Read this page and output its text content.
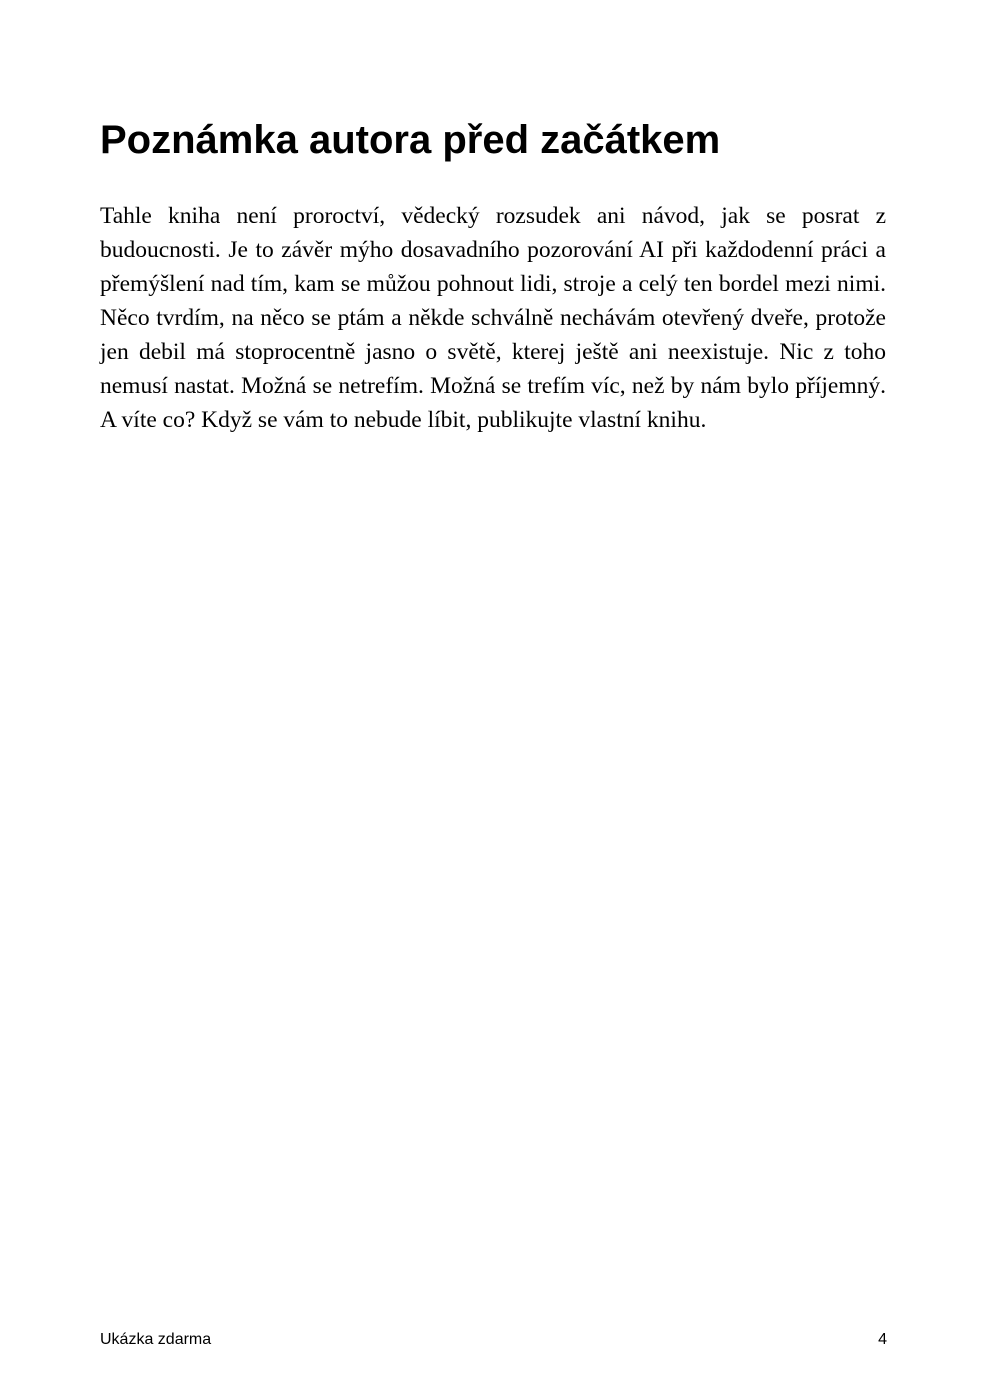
Poznámka autora před začátkem

Tahle kniha není proroctví, vědecký rozsudek ani návod, jak se posrat z budoucnosti. Je to závěr mýho dosavadního pozorování AI při každodenní práci a přemýšlení nad tím, kam se můžou pohnout lidi, stroje a celý ten bordel mezi nimi. Něco tvrdím, na něco se ptám a někde schválně nechávám otevřený dveře, protože jen debil má stoprocentně jasno o světě, kterej ještě ani neexistuje. Nic z toho nemusí nastat. Možná se netrefím. Možná se trefím víc, než by nám bylo příjemný. A víte co? Když se vám to nebude líbit, publikujte vlastní knihu.

Ukázka zdarma	4
